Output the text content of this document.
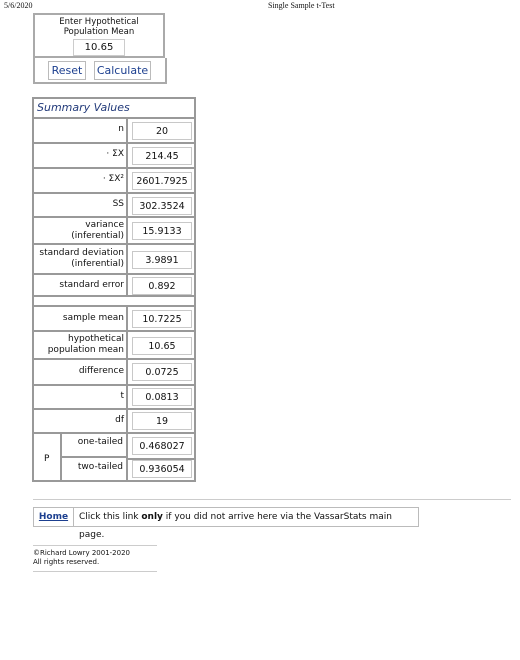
5/6/2020	Single Sample t-Test
Enter Hypothetical
Population Mean
10.65
Reset	Calculate
Summary Values
n	20
· ΣX	214.45
· ΣX²	2601.7925
SS	302.3524
variance
(inferential)	15.9133
standard deviation
(inferential)	3.9891
standard error	0.892
sample mean	10.7225
hypothetical
population mean	10.65
difference	0.0725
t	0.0813
df	19
P
one-tailed	0.468027
two-tailed	0.936054
Home	Click this link only if you did not arrive here via the VassarStats main page.
©Richard Lowry 2001-2020
All rights reserved.
